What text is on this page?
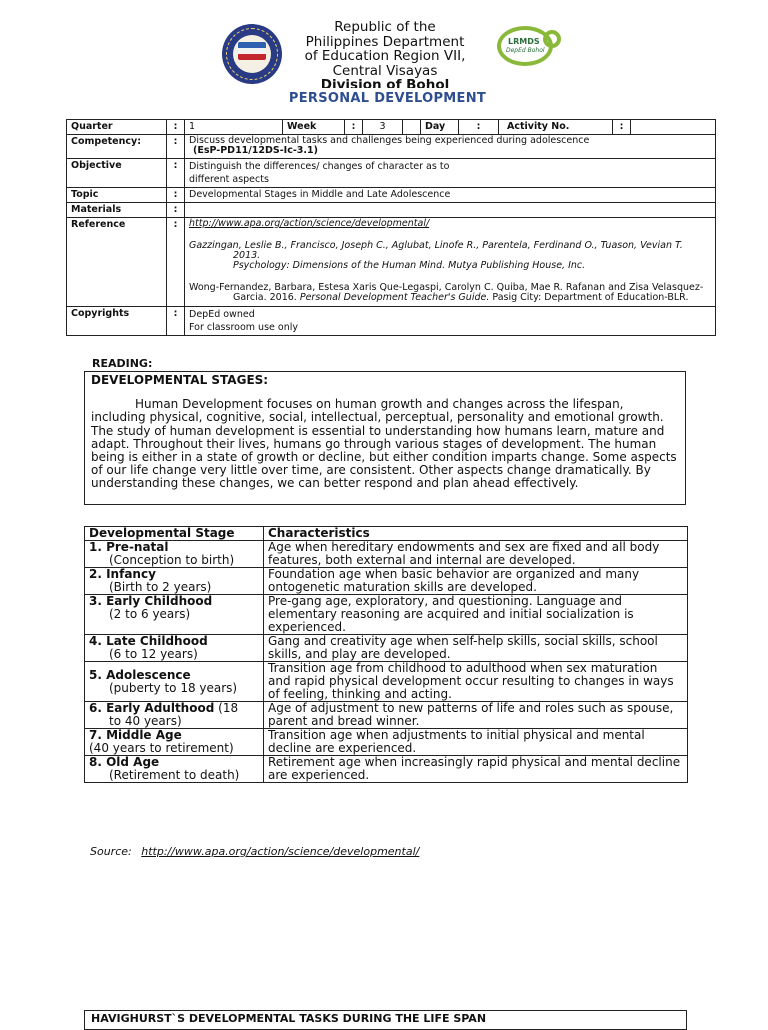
Republic of the
Philippines Department
of Education Region VII,
Central Visayas
Division of Bohol
LRMDS
DepEd Bohol
PERSONAL DEVELOPMENT
Quarter	:	1	Week	:	3		Day	:	Activity No.	:	
Competency:	:	Discuss developmental tasks and challenges being experienced during adolescence
(EsP-PD11/12DS-Ic-3.1)									

Objective	:	Distinguish the differences/ changes of character as to
different aspects									

Topic	:	Developmental Stages in Middle and Late Adolescence									
Materials	:										
Reference	:	http://www.apa.org/action/science/developmental/
Gazzingan, Leslie B., Francisco, Joseph C., Aglubat, Linofe R., Parentela, Ferdinand O., Tuason, Vevian T. 2013.
Psychology: Dimensions of the Human Mind. Mutya Publishing House, Inc.
Wong-Fernandez, Barbara, Estesa Xaris Que-Legaspi, Carolyn C. Quiba, Mae R. Rafanan and Zisa Velasquez-Garcia. 2016. Personal Development Teacher's Guide. Pasig City: Department of Education-BLR.									

Copyrights	:	DepEd owned
For classroom use only									
READING:
DEVELOPMENTAL STAGES:
Human Development focuses on human growth and changes across the lifespan, including physical, cognitive, social, intellectual, perceptual, personality and emotional growth. The study of human development is essential to understanding how humans learn, mature and adapt. Throughout their lives, humans go through various stages of development. The human being is either in a state of growth or decline, but either condition imparts change. Some aspects of our life change very little over time, are consistent. Other aspects change dramatically. By understanding these changes, we can better respond and plan ahead effectively.
Developmental Stage	Characteristics

1. Pre-natal
(Conception to birth)	Age when hereditary endowments and sex are fixed and all body features, both external and internal are developed.

2. Infancy
(Birth to 2 years)	Foundation age when basic behavior are organized and many ontogenetic maturation skills are developed.

3. Early Childhood
(2 to 6 years)	Pre-gang age, exploratory, and questioning. Language and elementary reasoning are acquired and initial socialization is experienced.

4. Late Childhood
(6 to 12 years)	Gang and creativity age when self-help skills, social skills, school skills, and play are developed.

5. Adolescence
(puberty to 18 years)	Transition age from childhood to adulthood when sex maturation and rapid physical development occur resulting to changes in ways of feeling, thinking and acting.

6. Early Adulthood (18
to 40 years)	Age of adjustment to new patterns of life and roles such as spouse, parent and bread winner.

7. Middle Age
(40 years to retirement)	Transition age when adjustments to initial physical and mental decline are experienced.

8. Old Age
(Retirement to death)	Retirement age when increasingly rapid physical and mental decline are experienced.
Source: http://www.apa.org/action/science/developmental/
HAVIGHURST`S DEVELOPMENTAL TASKS DURING THE LIFE SPAN
